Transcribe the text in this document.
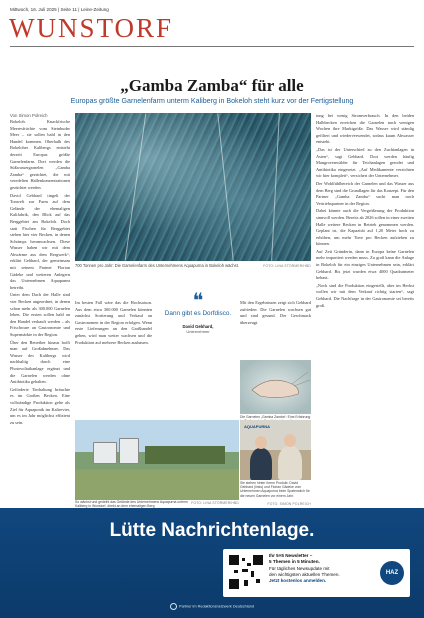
Mittwoch, 16. Juli 2025 | Seite 11 | Leine-Zeitung
WUNSTORF
„Gamba Zamba“ für alle
Europas größte Garnelenfarm unterm Kaliberg in Bokeloh steht kurz vor der Fertigstellung
Von Simon Polreich

Bokeloh. Knackfrische Meeresfrüchte vom Steinhuder Meer – sie sollen bald in den Handel kommen. Oberhalb des Bokeloher Kalibergs entsteht derzeit Europas größte Garnelenfarm. Dort werden die Süßwassergarnelen „Gamba Zamba“ gezüchtet, die mit veredelten Hallenkonzentrationen gezüchtet werden.

David Gebhard tingelt der Tonwelt zur Farm auf dem Gelände der ehemaligen Kalifabrik, den Blick auf das Berggebiet am Bokeloh. Doch statt Fischen für Berggebiet stehen hier vier Becken, in denen Schrimps heranwachsen. Diese Wasser haben wir mit dem Abwärme aus dem Bergwerk“, erklärt Gebhard, der gemeinsam mit seinem Partner Florian Gädeke und weiteren Anlegern das Unternehmen Aquapanea betreibt.

Unter dem Dach der Halle sind vier Becken angeordnet, in denen schon mehr als 300.000 Garnelen leben. Die ersten sollen bald an den Handel verkauft werden – als Frischware an Gastronomie und Supermärkte in der Region.

Über den Betreiber hinaus hofft man auf Großabnehmer. Das Wasser des Kalibergs wird nachhaltig durch eine Photovoltaikanlage ergänzt und die Garnelen werden ohne Antibiotika gehalten.

Geförderte Tierhaltung bräuchte es im Großen Becken. Eine vollständige Produktion gelte als Ziel für Aquaponik im Kalirevier, um es im Jahr möglichst effizient zu sein.

700 Tonnen pro Jahr: Die Garnelenfarm des Unternehmens Aquapurna in Bokeloh wächst.	FOTO: LINA STÖRMER/HBD

Im besten Fall wäre das die Hochsaison. Aus dem etwa 300.000 Garnelen könnten zunächst Sortierung und Verkauf an Gastronomen in der Region erfolgen. Wenn erste Lieferungen an den Großhandel gehen, wird man weiter wachsen und die Produktion auf mehrere Becken ausbauen.

❝
Dann gibt es Dorfdisco.
David Gebhard,
Unternehmer

Mit den Ergebnissen zeigt sich Gebhard zufrieden: Die Garnelen wachsen gut und sind gesund. Der Geschmack überzeugt.

AQUAPURNA
Die Garnelen „Gamba Zamba“: Eine Erfahrung
FOTO: LINA STÖRMER/HBD
So wächst und gedeiht das Gelände des Unternehmens Aquapurna unterm Kaliberg in Wunstorf, direkt an dem ehemaligen Berg.
Sie stehen hinter ihrem Produkt: David Gebhard (links) und Florian Gädeke vom Unternehmen Aquapurna beim Spatenstich für die neuen Garnelen vor einem Jahr.
FOTO: SIMON POLREICH

tung bei wenig Stromverbrauch. In den beiden Halbbecken erreichen die Garnelen nach wenigen Wochen ihre Marktgröße. Das Wasser wird ständig gefiltert und wiederverwendet, sodass kaum Abwasser entsteht.

„Das ist der Unterschied zu den Zuchtanlagen in Asien“, sagt Gebhard. Dort werden häufig Mangrovenwälder für Teichanlagen gerodet und Antibiotika eingesetzt. „Auf Medikamente verzichten wir hier komplett“, versichert der Unternehmer.

Der Wohlfühlbereich der Garnelen und das Wasser aus dem Berg sind die Grundlagen für das Konzept. Für den Partner „Gamba Zamba“ sucht man noch Vertriebspartner in der Region.

Dabei könnte auch die Vergrößerung der Produktion sinnvoll werden. Bereits ab 2026 sollen in einer zweiten Halle weitere Becken in Betrieb genommen werden. Geplant ist, die Kapazität auf 1,20 Meter hoch zu erhöhen, um mehr Tiere pro Becken aufziehen zu können.

Auf Zeit Gründerin, dann in Europa keine Garnelen mehr importiert werden muss. Zu groß kann die Anlage in Bokeloh für ein einziges Unternehmen sein, erklärt Gebhard. Bis jetzt wurden etwa 4000 Quadratmeter bebaut.

„Noch sind die Produktion eingestellt, aber im Herbst wollen wir mit dem Verkauf richtig starten“, sagt Gebhard. Die Nachfrage in der Gastronomie sei bereits groß.

Lütte Nachrichtenlage.
Ihr 5×5 Newsletter –
5 Themen in 5 Minuten.
Für tägliches Newsupdate mit
den wichtigsten aktuellen Themen.
Jetzt kostenlos anmelden.
HAZ
Partner im Redaktionsnetzwerk Deutschland
